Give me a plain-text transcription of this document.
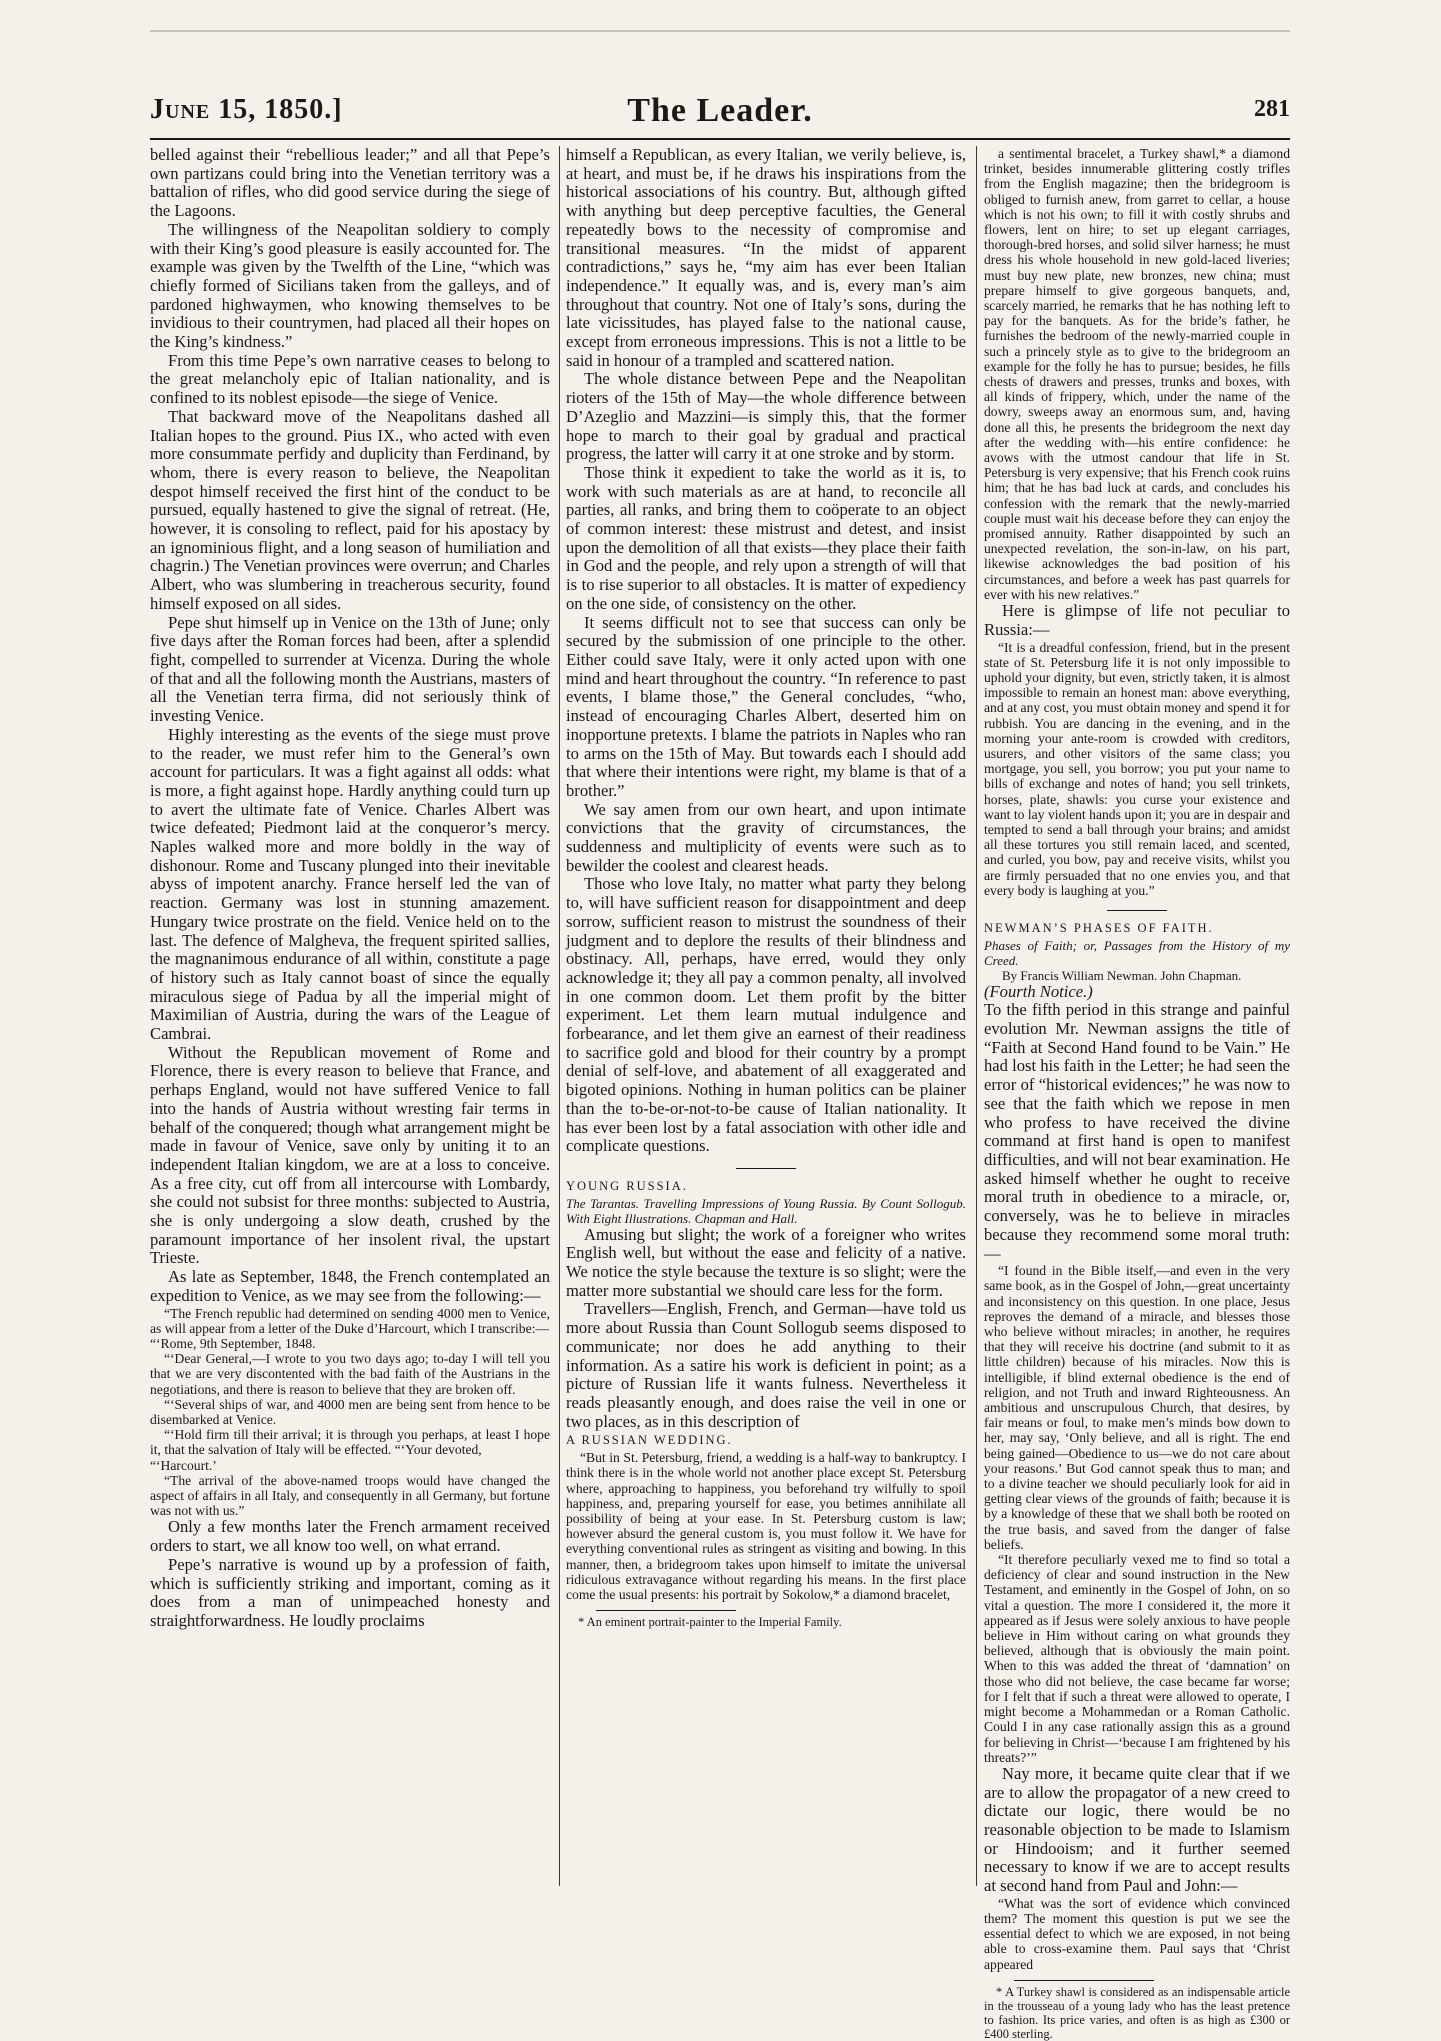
June 15, 1850.]	The Leader.	281

belled against their “rebellious leader;” and all that Pepe’s own partizans could bring into the Venetian territory was a battalion of rifles, who did good service during the siege of the Lagoons.

The willingness of the Neapolitan soldiery to comply with their King’s good pleasure is easily accounted for. The example was given by the Twelfth of the Line, “which was chiefly formed of Sicilians taken from the galleys, and of pardoned highwaymen, who knowing themselves to be invidious to their countrymen, had placed all their hopes on the King’s kindness.”

From this time Pepe’s own narrative ceases to belong to the great melancholy epic of Italian nationality, and is confined to its noblest episode—the siege of Venice.

That backward move of the Neapolitans dashed all Italian hopes to the ground. Pius IX., who acted with even more consummate perfidy and duplicity than Ferdinand, by whom, there is every reason to believe, the Neapolitan despot himself received the first hint of the conduct to be pursued, equally hastened to give the signal of retreat. (He, however, it is consoling to reflect, paid for his apostacy by an ignominious flight, and a long season of humiliation and chagrin.) The Venetian provinces were overrun; and Charles Albert, who was slumbering in treacherous security, found himself exposed on all sides.

Pepe shut himself up in Venice on the 13th of June; only five days after the Roman forces had been, after a splendid fight, compelled to surrender at Vicenza. During the whole of that and all the following month the Austrians, masters of all the Venetian terra firma, did not seriously think of investing Venice.

Highly interesting as the events of the siege must prove to the reader, we must refer him to the General’s own account for particulars. It was a fight against all odds: what is more, a fight against hope. Hardly anything could turn up to avert the ultimate fate of Venice. Charles Albert was twice defeated; Piedmont laid at the conqueror’s mercy. Naples walked more and more boldly in the way of dishonour. Rome and Tuscany plunged into their inevitable abyss of impotent anarchy. France herself led the van of reaction. Germany was lost in stunning amazement. Hungary twice prostrate on the field. Venice held on to the last. The defence of Malgheva, the frequent spirited sallies, the magnanimous endurance of all within, constitute a page of history such as Italy cannot boast of since the equally miraculous siege of Padua by all the imperial might of Maximilian of Austria, during the wars of the League of Cambrai.

Without the Republican movement of Rome and Florence, there is every reason to believe that France, and perhaps England, would not have suffered Venice to fall into the hands of Austria without wresting fair terms in behalf of the conquered; though what arrangement might be made in favour of Venice, save only by uniting it to an independent Italian kingdom, we are at a loss to conceive. As a free city, cut off from all intercourse with Lombardy, she could not subsist for three months: subjected to Austria, she is only undergoing a slow death, crushed by the paramount importance of her insolent rival, the upstart Trieste.

As late as September, 1848, the French contemplated an expedition to Venice, as we may see from the following:—

“The French republic had determined on sending 4000 men to Venice, as will appear from a letter of the Duke d’Harcourt, which I transcribe:—

“‘Rome, 9th September, 1848.

“‘Dear General,—I wrote to you two days ago; to-day I will tell you that we are very discontented with the bad faith of the Austrians in the negotiations, and there is reason to believe that they are broken off.

“‘Several ships of war, and 4000 men are being sent from hence to be disembarked at Venice.

“‘Hold firm till their arrival; it is through you perhaps, at least I hope it, that the salvation of Italy will be effected. “‘Your devoted,

“‘Harcourt.’

“The arrival of the above-named troops would have changed the aspect of affairs in all Italy, and consequently in all Germany, but fortune was not with us.”

Only a few months later the French armament received orders to start, we all know too well, on what errand.

Pepe’s narrative is wound up by a profession of faith, which is sufficiently striking and important, coming as it does from a man of unimpeached honesty and straightforwardness. He loudly proclaims

himself a Republican, as every Italian, we verily believe, is, at heart, and must be, if he draws his inspirations from the historical associations of his country. But, although gifted with anything but deep perceptive faculties, the General repeatedly bows to the necessity of compromise and transitional measures. “In the midst of apparent contradictions,” says he, “my aim has ever been Italian independence.” It equally was, and is, every man’s aim throughout that country. Not one of Italy’s sons, during the late vicissitudes, has played false to the national cause, except from erroneous impressions. This is not a little to be said in honour of a trampled and scattered nation.

The whole distance between Pepe and the Neapolitan rioters of the 15th of May—the whole difference between D’Azeglio and Mazzini—is simply this, that the former hope to march to their goal by gradual and practical progress, the latter will carry it at one stroke and by storm.

Those think it expedient to take the world as it is, to work with such materials as are at hand, to reconcile all parties, all ranks, and bring them to coöperate to an object of common interest: these mistrust and detest, and insist upon the demolition of all that exists—they place their faith in God and the people, and rely upon a strength of will that is to rise superior to all obstacles. It is matter of expediency on the one side, of consistency on the other.

It seems difficult not to see that success can only be secured by the submission of one principle to the other. Either could save Italy, were it only acted upon with one mind and heart throughout the country. “In reference to past events, I blame those,” the General concludes, “who, instead of encouraging Charles Albert, deserted him on inopportune pretexts. I blame the patriots in Naples who ran to arms on the 15th of May. But towards each I should add that where their intentions were right, my blame is that of a brother.”

We say amen from our own heart, and upon intimate convictions that the gravity of circumstances, the suddenness and multiplicity of events were such as to bewilder the coolest and clearest heads.

Those who love Italy, no matter what party they belong to, will have sufficient reason for disappointment and deep sorrow, sufficient reason to mistrust the soundness of their judgment and to deplore the results of their blindness and obstinacy. All, perhaps, have erred, would they only acknowledge it; they all pay a common penalty, all involved in one common doom. Let them profit by the bitter experiment. Let them learn mutual indulgence and forbearance, and let them give an earnest of their readiness to sacrifice gold and blood for their country by a prompt denial of self-love, and abatement of all exaggerated and bigoted opinions. Nothing in human politics can be plainer than the to-be-or-not-to-be cause of Italian nationality. It has ever been lost by a fatal association with other idle and complicate questions.

YOUNG RUSSIA.

The Tarantas. Travelling Impressions of Young Russia. By Count Sollogub. With Eight Illustrations. Chapman and Hall.

Amusing but slight; the work of a foreigner who writes English well, but without the ease and felicity of a native. We notice the style because the texture is so slight; were the matter more substantial we should care less for the form.

Travellers—English, French, and German—have told us more about Russia than Count Sollogub seems disposed to communicate; nor does he add anything to their information. As a satire his work is deficient in point; as a picture of Russian life it wants fulness. Nevertheless it reads pleasantly enough, and does raise the veil in one or two places, as in this description of

A RUSSIAN WEDDING.

“But in St. Petersburg, friend, a wedding is a half-way to bankruptcy. I think there is in the whole world not another place except St. Petersburg where, approaching to happiness, you beforehand try wilfully to spoil happiness, and, preparing yourself for ease, you betimes annihilate all possibility of being at your ease. In St. Petersburg custom is law; however absurd the general custom is, you must follow it. We have for everything conventional rules as stringent as visiting and bowing. In this manner, then, a bridegroom takes upon himself to imitate the universal ridiculous extravagance without regarding his means. In the first place come the usual presents: his portrait by Sokolow,* a diamond bracelet,

* An eminent portrait-painter to the Imperial Family.

a sentimental bracelet, a Turkey shawl,* a diamond trinket, besides innumerable glittering costly trifles from the English magazine; then the bridegroom is obliged to furnish anew, from garret to cellar, a house which is not his own; to fill it with costly shrubs and flowers, lent on hire; to set up elegant carriages, thorough-bred horses, and solid silver harness; he must dress his whole household in new gold-laced liveries; must buy new plate, new bronzes, new china; must prepare himself to give gorgeous banquets, and, scarcely married, he remarks that he has nothing left to pay for the banquets. As for the bride’s father, he furnishes the bedroom of the newly-married couple in such a princely style as to give to the bridegroom an example for the folly he has to pursue; besides, he fills chests of drawers and presses, trunks and boxes, with all kinds of frippery, which, under the name of the dowry, sweeps away an enormous sum, and, having done all this, he presents the bridegroom the next day after the wedding with—his entire confidence: he avows with the utmost candour that life in St. Petersburg is very expensive; that his French cook ruins him; that he has bad luck at cards, and concludes his confession with the remark that the newly-married couple must wait his decease before they can enjoy the promised annuity. Rather disappointed by such an unexpected revelation, the son-in-law, on his part, likewise acknowledges the bad position of his circumstances, and before a week has past quarrels for ever with his new relatives.”

Here is glimpse of life not peculiar to Russia:—

“It is a dreadful confession, friend, but in the present state of St. Petersburg life it is not only impossible to uphold your dignity, but even, strictly taken, it is almost impossible to remain an honest man: above everything, and at any cost, you must obtain money and spend it for rubbish. You are dancing in the evening, and in the morning your ante-room is crowded with creditors, usurers, and other visitors of the same class; you mortgage, you sell, you borrow; you put your name to bills of exchange and notes of hand; you sell trinkets, horses, plate, shawls: you curse your existence and want to lay violent hands upon it; you are in despair and tempted to send a ball through your brains; and amidst all these tortures you still remain laced, and scented, and curled, you bow, pay and receive visits, whilst you are firmly persuaded that no one envies you, and that every body is laughing at you.”

NEWMAN’S PHASES OF FAITH.

Phases of Faith; or, Passages from the History of my Creed.

By Francis William Newman. John Chapman.

(Fourth Notice.)

To the fifth period in this strange and painful evolution Mr. Newman assigns the title of “Faith at Second Hand found to be Vain.” He had lost his faith in the Letter; he had seen the error of “historical evidences;” he was now to see that the faith which we repose in men who profess to have received the divine command at first hand is open to manifest difficulties, and will not bear examination. He asked himself whether he ought to receive moral truth in obedience to a miracle, or, conversely, was he to believe in miracles because they recommend some moral truth:—

“I found in the Bible itself,—and even in the very same book, as in the Gospel of John,—great uncertainty and inconsistency on this question. In one place, Jesus reproves the demand of a miracle, and blesses those who believe without miracles; in another, he requires that they will receive his doctrine (and submit to it as little children) because of his miracles. Now this is intelligible, if blind external obedience is the end of religion, and not Truth and inward Righteousness. An ambitious and unscrupulous Church, that desires, by fair means or foul, to make men’s minds bow down to her, may say, ‘Only believe, and all is right. The end being gained—Obedience to us—we do not care about your reasons.’ But God cannot speak thus to man; and to a divine teacher we should peculiarly look for aid in getting clear views of the grounds of faith; because it is by a knowledge of these that we shall both be rooted on the true basis, and saved from the danger of false beliefs.

“It therefore peculiarly vexed me to find so total a deficiency of clear and sound instruction in the New Testament, and eminently in the Gospel of John, on so vital a question. The more I considered it, the more it appeared as if Jesus were solely anxious to have people believe in Him without caring on what grounds they believed, although that is obviously the main point. When to this was added the threat of ‘damnation’ on those who did not believe, the case became far worse; for I felt that if such a threat were allowed to operate, I might become a Mohammedan or a Roman Catholic. Could I in any case rationally assign this as a ground for believing in Christ—‘because I am frightened by his threats?’”

Nay more, it became quite clear that if we are to allow the propagator of a new creed to dictate our logic, there would be no reasonable objection to be made to Islamism or Hindooism; and it further seemed necessary to know if we are to accept results at second hand from Paul and John:—

“What was the sort of evidence which convinced them? The moment this question is put we see the essential defect to which we are exposed, in not being able to cross-examine them. Paul says that ‘Christ appeared

* A Turkey shawl is considered as an indispensable article in the trousseau of a young lady who has the least pretence to fashion. Its price varies, and often is as high as £300 or £400 sterling.
